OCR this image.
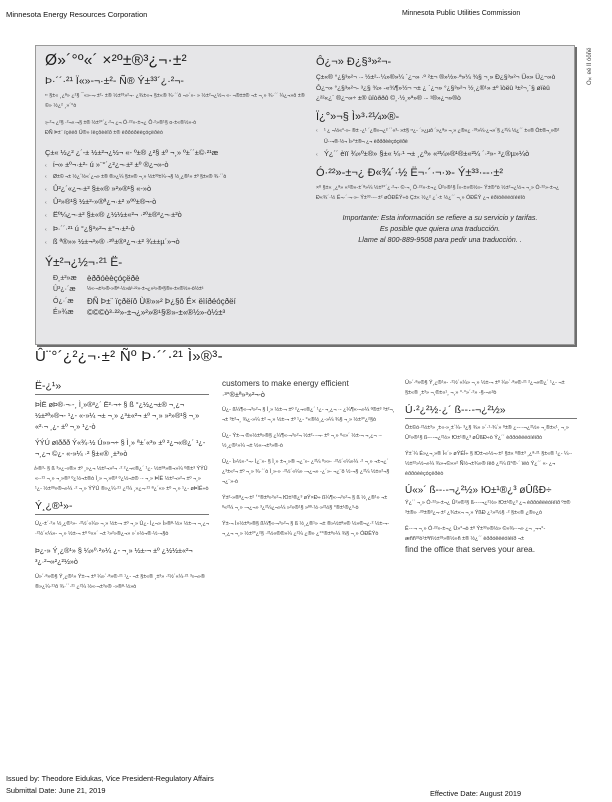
Minnesota Energy Resources Corporation	Minnesota Public Utilities Commission
Ó×eé ÏÌ óõñë
Ø»´°º«´ ×²º±®³¿¬·±²
Þ·´´·²¹ Ï«»-¬·±²- Ñ® Ý±³³´¿·²¬-
ײ §±« ¸¿ª» ¿²§ ¯«»-¬·±²- ±® ½±³³»²¬- ¿¾±«¬ §±«® ¾·´´ô ¬»´»- » ½±²¬¿½¬ «- ¬®±±® ¬± ¬¸» ¾·´´ ¼¿¬»ô ±® ©» ½¿² ¸»´°ò
ܱ»-²¬ ¿²§ ·²¬«·¬§ ±® ½±³°´¿·²¬ ¿¬ Ó·²²»-±¬¿ Ô·²»®¹§ ο-±«®½»-ò
ÐÑ Þ±¨ ïçëéô Ü®» ìëçôèèîð ±® èððóðèèçóçëðèò
Ç±« ½¿² ¿´-± ½±²¬¿½¬ «- º±® ¿²§ ±º ¬¸» º±´´±©·²¹æ
‹ ί¬» ±º¬·±²- ú »¨°´¿²¿¬·±² ±º ®¿¬»-ò
‹ Ø±© ¬± ½¿´½«´¿¬» ±® ®»¿¼ §±«® ¬¸» ½±³³±¼·¬§ ½¸¿®¹» ±º §±«® ¾·´´ò
‹ Û²¿´«¿¬·±² §±«® »²»®¹§ «-»ò
‹ Û²»®¹§ ½±²-»®ª¿¬·±² »ºº±®¬-ò
‹ Ëº¼¿¬·±² §±«® ¿½½±«²¬ ·²º±®³¿¬·±²ò
‹ Þ·´´·²¹ ú °¿§³»²¬ ±°¬·±²-ò
‹ ß ª®»» ½±¬³»® ·²º±®³¿¬·±² ¾±±µ´»¬ò
Ý±²¬¿½¬·²¹ Ë-
Ð¸±²»æ	èððóèèçóçëðè
Û³¿·´æ	½«-¬±³»®-»®ª·½»à³·²²»-±¬¿»²»®¹§®»-±«®½»-ò½±³
Ó¿·´æ	ÐÑ Þ±¨ ïçðëíô Ù®»»² Þ¿§ô É× ëìíðéóçðëí
É»¾æ	©©©ò³·²²»-±¬¿»²»®¹§®»-±«®½»-ò½±³
Ô¿¬» Ð¿§³»²¬-
Ç±«® °¿§³»²¬ ·- ½±²-·¼»®»¼ ´¿¬» ·º ²±¬ ®»½»·ª»¼ ¾§ ¬¸» Ð¿§³»²¬ Ü«» Ü¿¬»ò Ô¿¬» °¿§³»²¬- ³¿§ ¾» -«¾¶»½¬ ¬± ¿ ´¿¬» °¿§³»²¬ ½¸¿®¹» ±º ïòëû ³±²¬¸´§ øïèû ¿²²«¿´ ®¿¬»÷ ±® üïòððô ©¸·½¸»ª»® ·- ¹®»¿¬»®ò
Ï¿°»¬§ Ì»³·²¼»®-
‹ ײ §±« -³»´´ ²¿¬«®¿´ ¹¿- ±® -«-°»½¬ ¿ ¹¿- ´»¿µô ´»¿ª» ¬¸» ¿®»¿ ·³³»¼·¿¬»´§ ¿²¼ ½¿´´ ±«® Ò±®¬¸»®² Ü·-¬®·½¬ Ì»°±®¬ ¿¬ èðððèèçóçëðè
‹ Ý¿´´ èïï ¾»º±®» §±« ¼·¹ ¬± ¸¿ª» «²¼»®¹®±«²¼ ´·²»- ³¿®µ»¼ò
Ó·²²»-±¬¿ Ð«¾´·½ Ë¬·´·¬·»- Ý±³³·--·±²
×º §±« ¸¿ª» «²®»-±´ª»¼ ½±³°´¿·²¬- ©·¬¸ Ó·²²»-±¬¿ Û²»®¹§ Î»-±«®½»- Ý±®°ò ½±²¬¿½¬ ¬¸» Ó·²²»-±¬¿ Ð«¾´·½ Ë¬·´·¬·»- Ý±³³·--·±² øÓÐËÝ÷ò Ç±« ½¿² ¿´-± ½¿´´ ¬¸» ÓÐËÝ ¿¬ èðïóêëéóíéèîò
Importante: Esta información se refiere a su servicio y tarifas.
Es posible que quiera una traducción.
Llame al 800-889-9508 para pedir una traducción. .
Û¨°´¿²¿¬·±² Ñº Þ·´´·²¹ Ì»®³-
Ë-¿¹»
ÞÌË øÞ®·¬·-¸ Ì¸»®³¿´ Ë²·¬÷ § ß °¿½¿¬±® ¬¸¿¬ ½±²ª»®¬- ¹¿- «-»¼ ¬± ¬¸» ¿³±«²¬ ±º ¬¸» »²»®¹§ ¬¸» «²·¬ ¸¿- ±º ¬¸» ¹¿-ò
ÝÝÚ øïððð Ý«¾·½ Ú»»¬÷ § Ì¸» ª±´«³» ±º ²¿¬«®¿´ ¹¿- ¬¸¿¬ ©¿- «-»¼ ·² §±«® ¸±³»ò
̸»®³- § ß ³»¿-«®» ±º ¸»¿¬ ½±²¬»²¬ ·² ²¿¬«®¿´ ¹¿- ½±²ª»®¬»¼ º®±³ ÝÝÚ «-·²¹ ¬¸» ¬¸»®³ º¿½¬±®ò Ì¸» ¬¸»®³ º¿½¬±® ·- ¬¸» ÞÌË ½±²¬»²¬ ±º ¬¸» ¹¿- ½±²ª»®¬»¼ ·² ¬¸» ÝÝÚ ®»¿¼·²¹ ¿²¼ ¸»¿¬·²¹ ª¿´«» ±º ¬¸» ¹¿- øÞÌË÷ò
Ý¸¿®¹»-
Ù¿-±´·²» ½¸¿®¹»- ·²½´«¼» ¬¸» ½±-¬ ±º ¬¸» Ù¿- Ì¿¬» Í»®ª·½» ½±-¬ ¬¸¿¬ ·²½´«¼»- ¬¸» ½±-¬ ±º º«»´ ¬± ¹»²»®¿¬» »´»½¬®·½·¬§ò
Þ¿-» Ý¸¿®¹» § ¼»º·²»¼ ¿- ¬¸» ½±-¬ ±º ¿½½±«²¬ ³¿·²¬»²¿²½»ò
Ü»´·ª»®§ Ý¸¿®¹» Ý±-¬ ±º ¼»´·ª»®·²¹ ¹¿- ¬± §±«® ¸±³» ·²½´«¼·²¹ ³»¬»® ®»¿¼·²¹ô ¾·´´·²¹ ¿²¼ ½«-¬±³»® -»®ª·½»ò
customers to make energy efficient
·³°®±ª»³»²¬-ò
Ù¿- ß¼¶«-¬³»²¬ § Ì¸» ½±-¬ ±º ²¿¬«®¿´ ¹¿- ¬¸¿¬ ·- ¿¼¶«-¬»¼ º®±³ ³±²¬¸ ¬± ³±²¬¸ ¾¿-»¼ ±² ¬¸» ½±-¬ ±º ¹¿- °«®½¸¿-»¼ ¾§ ¬¸» ½±³°¿²§ò
Ù¿- Ý±-¬ ®»½±ª»®§ ¿¼¶«-¬³»²¬ ½±²-·-¬- ±º ¬¸» º«»´ ½±-¬ ¬¸¿¬ ·- ½¸¿®¹»¼ ¬± ½«-¬±³»®-ò
Ù¿- Ì»½»·°¬- Ì¿¨»- § Ì¸» ±¬¸»® ¬¿¨»- ¿²¼ º»»- ·²½´«¼»¼ ·² ¬¸» ¬±¬¿´ ¿³±«²¬ ±º ¬¸» ¾·´´ò Ì¸»-» ·²½´«¼» -¬¿¬» -¿´»- ¬¿¨ô ½·¬§ ¿²¼ ½±«²¬§ ¬¿¨»-ò
Ý±²-»®ª¿¬·±² ׳°®±ª»³»²¬ Ю±¹®¿³ øÝ×Ð÷ ß¼¶«-¬³»²¬ § ß ½¸¿®¹» ¬± º«²¼ ¬¸» -¬¿¬» ³¿²¼¿¬»¼ »²»®¹§ »ºº·½·»²½§ °®±¹®¿³-ò
Ý±-¬ Ì»½±ª»®§ ß¼¶«-¬³»²¬ § ß ½¸¿®¹» ¬± ®»½±ª»® ½»®¬¿·² ½±-¬- ¬¸¿¬ ¬¸» ½±³°¿²§ ·²½«®®»¼ ¿²¼ ¿®» ¿°°®±ª»¼ ¾§ ¬¸» ÓÐËÝò
Ü»´·ª»®§ Ý¸¿®¹»- ·²½´«¼» ¬¸» ½±-¬ ±º ¼»´·ª»®·²¹ ²¿¬«®¿´ ¹¿- ¬± §±«® ¸±³» ¬¸®±«¹¸ ¬¸» °·°»´·²» -§-¬»³ò
Ú·²¿²½·¿´ ß--·-¬¿²½»
Ô±©ó·²½±³» ¸±«-»¸±´¼- ³¿§ ¾» »´·¹·¾´» º±® ¿--·-¬¿²½» ¬¸®±«¹¸ ¬¸» Û²»®¹§ ß--·-¬¿²½» Ю±¹®¿³ øÛßÐ÷ò Ý¿´´ èððóêëéóíéïðò
Ý±´¼ É»¿¬¸»® Î«´» øÝÉÎ÷ § Ю±¬»½¬·±² §±« º®±³ ¸¿ª·²¹ §±«® ¹¿- ¼·-½±²²»½¬»¼ ¾»¬©»»² Ñ½¬±¾»® ïëô ¿²¼ ß°®·´ ïëò Ý¿´´ «- ¿¬ èððóèèçóçëðèò
Ú«»´ ß--·-¬¿²½» Ю±¹®¿³ øÛßÐ÷
Ý¿´´ ¬¸» Ó·²²»-±¬¿ Û²»®¹§ ß--·-¬¿²½» Ю±¹®¿³ ¿¬ èððóêëéóíéïð º±® ³±®» ·²º±®³¿¬·±² ¿¾±«¬ ¬¸» ÝßÐ ¿¹»²½§ ·² §±«® ¿®»¿ò
Ê·-·¬ ¬¸» Ó·²²»-±¬¿ Ü»°¬ò ±º Ý±³³»®½» ©»¾-·¬» ¿¬ ¸¬¬°-æññ³²ò¹±ªñ½±³³»®½»ñ ±® ½¿´´ èððóêëéóíéïð ¬±
find the office that serves your area.
Issued by: Theodore Eidukas, Vice President-Regulatory Affairs
Submittal Date: June 21, 2019	Effective Date: August 2019
